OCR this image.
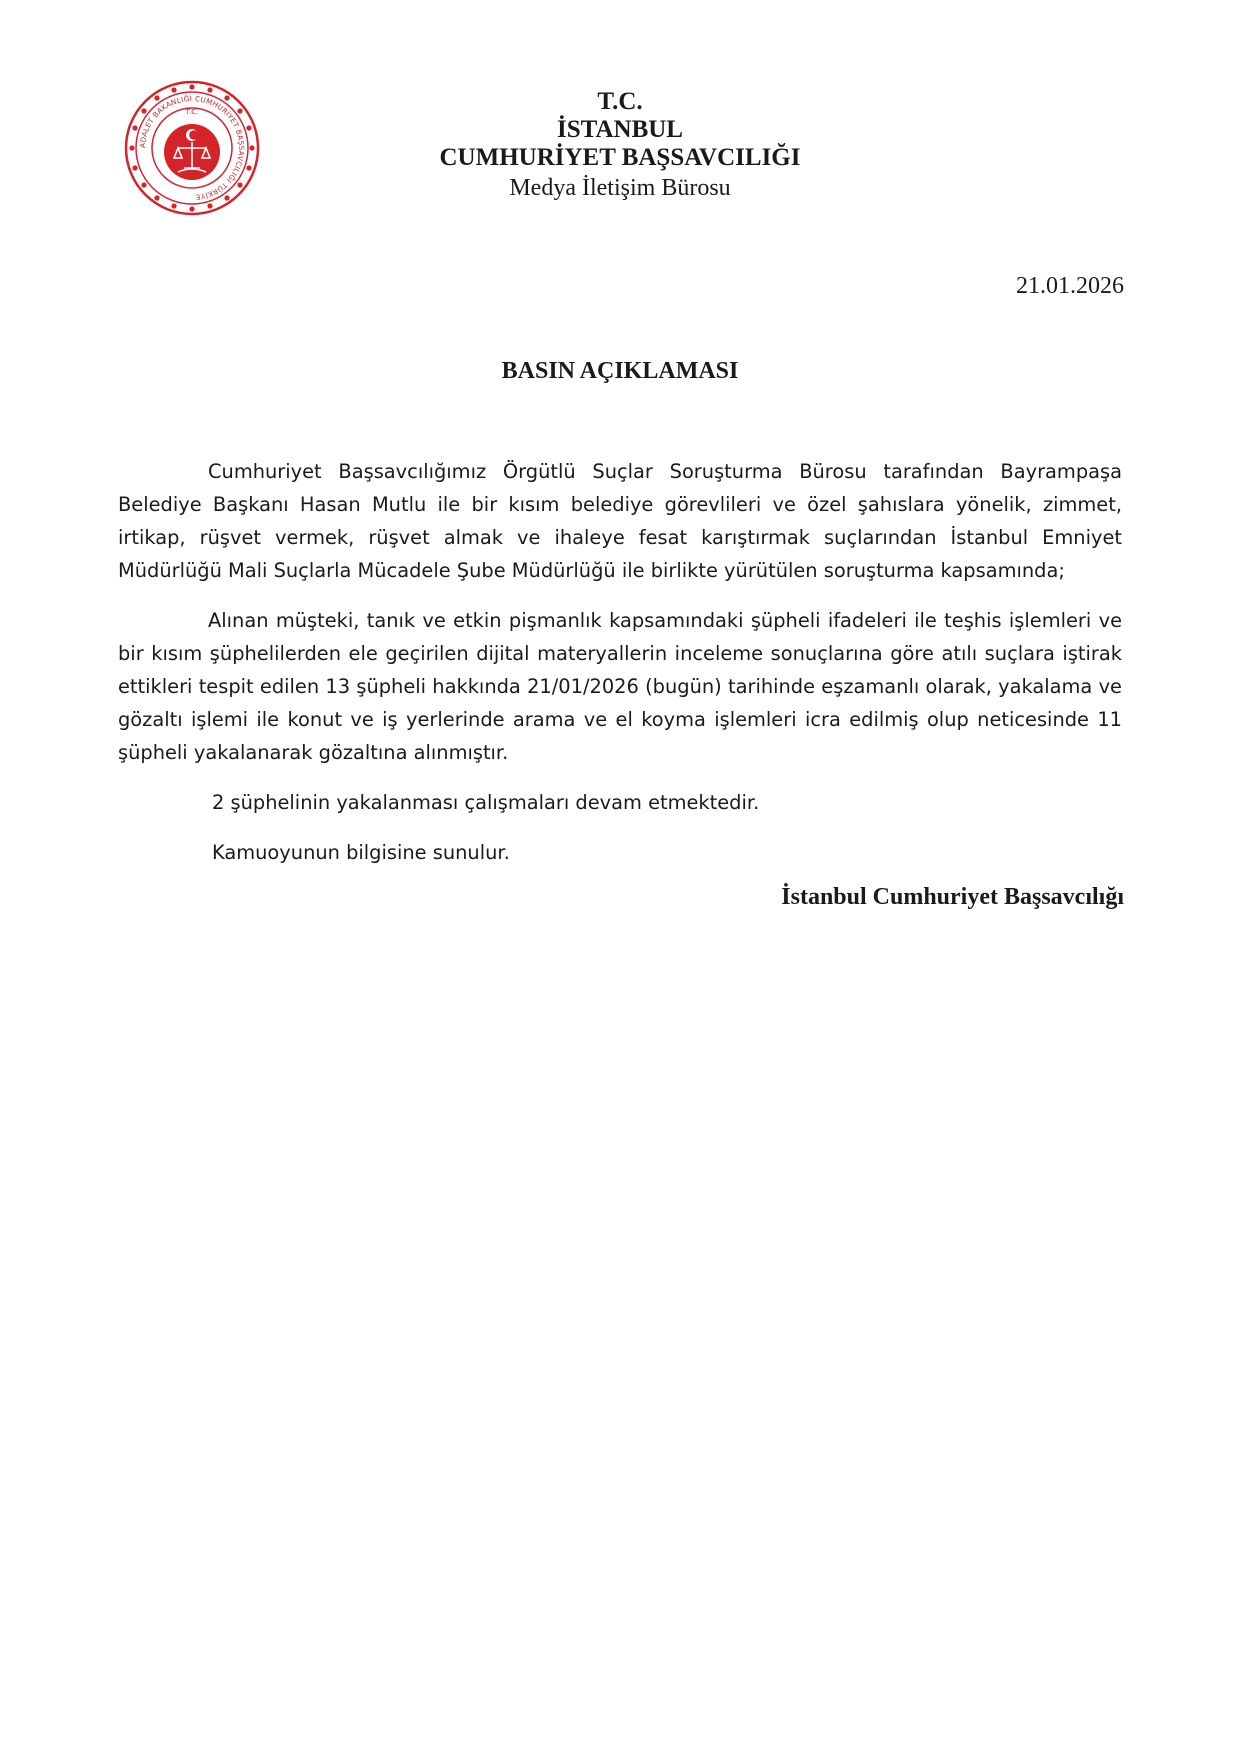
ADALET BAKANLIĞI CUMHURİYET BAŞSAVCILIĞI TÜRKİYE
T.C.	T.C.
İSTANBUL
CUMHURİYET BAŞSAVCILIĞI
Medya İletişim Bürosu
21.01.2026
BASIN AÇIKLAMASI

Cumhuriyet Başsavcılığımız Örgütlü Suçlar Soruşturma Bürosu tarafından Bayrampaşa Belediye Başkanı Hasan Mutlu ile bir kısım belediye görevlileri ve özel şahıslara yönelik, zimmet, irtikap, rüşvet vermek, rüşvet almak ve ihaleye fesat karıştırmak suçlarından İstanbul Emniyet Müdürlüğü Mali Suçlarla Mücadele Şube Müdürlüğü ile birlikte yürütülen soruşturma kapsamında;

Alınan müşteki, tanık ve etkin pişmanlık kapsamındaki şüpheli ifadeleri ile teşhis işlemleri ve bir kısım şüphelilerden ele geçirilen dijital materyallerin inceleme sonuçlarına göre atılı suçlara iştirak ettikleri tespit edilen 13 şüpheli hakkında 21/01/2026 (bugün) tarihinde eşzamanlı olarak, yakalama ve gözaltı işlemi ile konut ve iş yerlerinde arama ve el koyma işlemleri icra edilmiş olup neticesinde 11 şüpheli yakalanarak gözaltına alınmıştır.

2 şüphelinin yakalanması çalışmaları devam etmektedir.

Kamuoyunun bilgisine sunulur.

İstanbul Cumhuriyet Başsavcılığı
